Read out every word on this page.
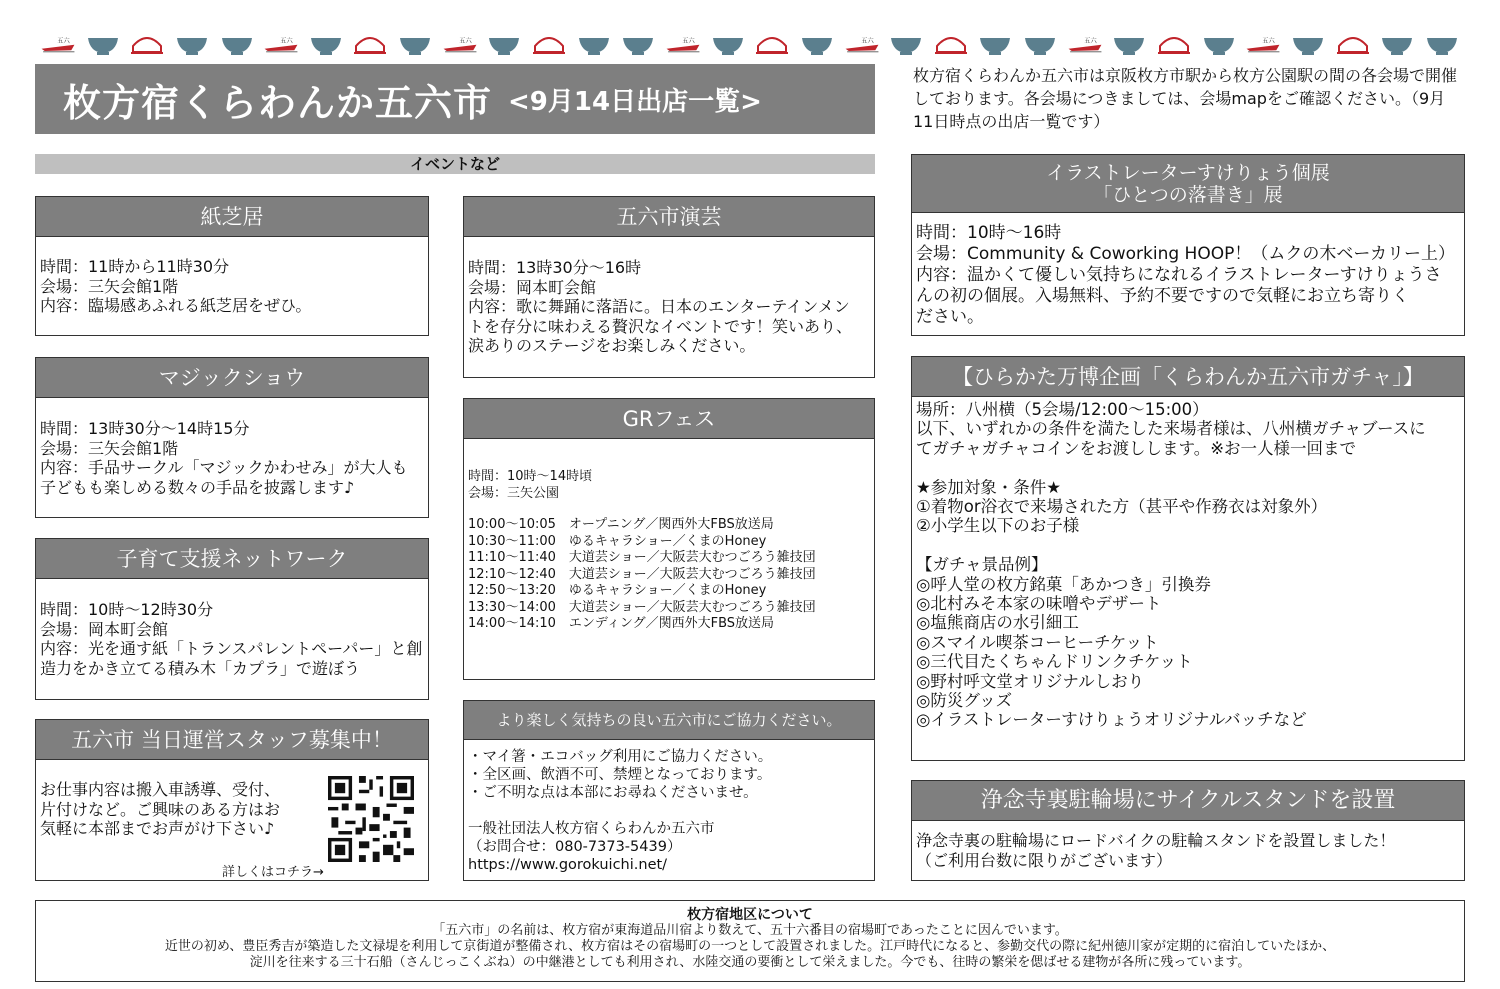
五六	五六	五六	五六	五六	五六	五六
枚方宿くらわんか五六市 <9月14日出店一覧>
枚方宿くらわんか五六市は京阪枚方市駅から枚方公園駅の間の各会場で開催しております。各会場につきましては、会場mapをご確認ください。（9月11日時点の出店一覧です）
イベントなど
紙芝居
時間：11時から11時30分
会場：三矢会館1階
内容：臨場感あふれる紙芝居をぜひ。
マジックショウ
時間：13時30分～14時15分
会場：三矢会館1階
内容：手品サークル「マジックかわせみ」が大人も
子どもも楽しめる数々の手品を披露します♪
子育て支援ネットワーク
時間：10時～12時30分
会場：岡本町会館
内容：光を通す紙「トランスパレントペーパー」と創
造力をかき立てる積み木「カプラ」で遊ぼう
五六市 当日運営スタッフ募集中！
お仕事内容は搬入車誘導、受付、
片付けなど。ご興味のある方はお
気軽に本部までお声がけ下さい♪
詳しくはコチラ→
五六市演芸
時間：13時30分～16時
会場：岡本町会館
内容：歌に舞踊に落語に。日本のエンターテインメン
トを存分に味わえる贅沢なイベントです！笑いあり、
涙ありのステージをお楽しみください。
GRフェス
時間：10時～14時頃
会場：三矢公園
10:00～10:05　オープニング／関西外大FBS放送局
10:30～11:00　ゆるキャラショー／くまのHoney
11:10～11:40　大道芸ショー／大阪芸大むつごろう雑技団
12:10～12:40　大道芸ショー／大阪芸大むつごろう雑技団
12:50～13:20　ゆるキャラショー／くまのHoney
13:30～14:00　大道芸ショー／大阪芸大むつごろう雑技団
14:00～14:10　エンディング／関西外大FBS放送局
より楽しく気持ちの良い五六市にご協力ください。
・マイ箸・エコバッグ利用にご協力ください。
・全区画、飲酒不可、禁煙となっております。
・ご不明な点は本部にお尋ねくださいませ。
一般社団法人枚方宿くらわんか五六市
（お問合せ：080-7373-5439）
https://www.gorokuichi.net/
イラストレーターすけりょう個展
「ひとつの落書き」展
時間：10時～16時
会場：Community & Coworking HOOP！（ムクの木ベーカリー上）
内容：温かくて優しい気持ちになれるイラストレーターすけりょうさ
んの初の個展。入場無料、予約不要ですので気軽にお立ち寄りく
ださい。
【ひらかた万博企画「くらわんか五六市ガチャ」】
場所：八州横（5会場/12:00～15:00）
以下、いずれかの条件を満たした来場者様は、八州横ガチャブースに
てガチャガチャコインをお渡しします。※お一人様一回まで
★参加対象・条件★
①着物or浴衣で来場された方（甚平や作務衣は対象外）
②小学生以下のお子様
【ガチャ景品例】
◎呼人堂の枚方銘菓「あかつき」引換券
◎北村みそ本家の味噌やデザート
◎塩熊商店の水引細工
◎スマイル喫茶コーヒーチケット
◎三代目たくちゃんドリンクチケット
◎野村呼文堂オリジナルしおり
◎防災グッズ
◎イラストレーターすけりょうオリジナルバッチなど
浄念寺裏駐輪場にサイクルスタンドを設置
浄念寺裏の駐輪場にロードバイクの駐輪スタンドを設置しました！
（ご利用台数に限りがございます）
枚方宿地区について
「五六市」の名前は、枚方宿が東海道品川宿より数えて、五十六番目の宿場町であったことに因んでいます。
近世の初め、豊臣秀吉が築造した文禄堤を利用して京街道が整備され、枚方宿はその宿場町の一つとして設置されました。江戸時代になると、参勤交代の際に紀州徳川家が定期的に宿泊していたほか、
淀川を往来する三十石船（さんじっこくぶね）の中継港としても利用され、水陸交通の要衝として栄えました。今でも、往時の繁栄を偲ばせる建物が各所に残っています。
